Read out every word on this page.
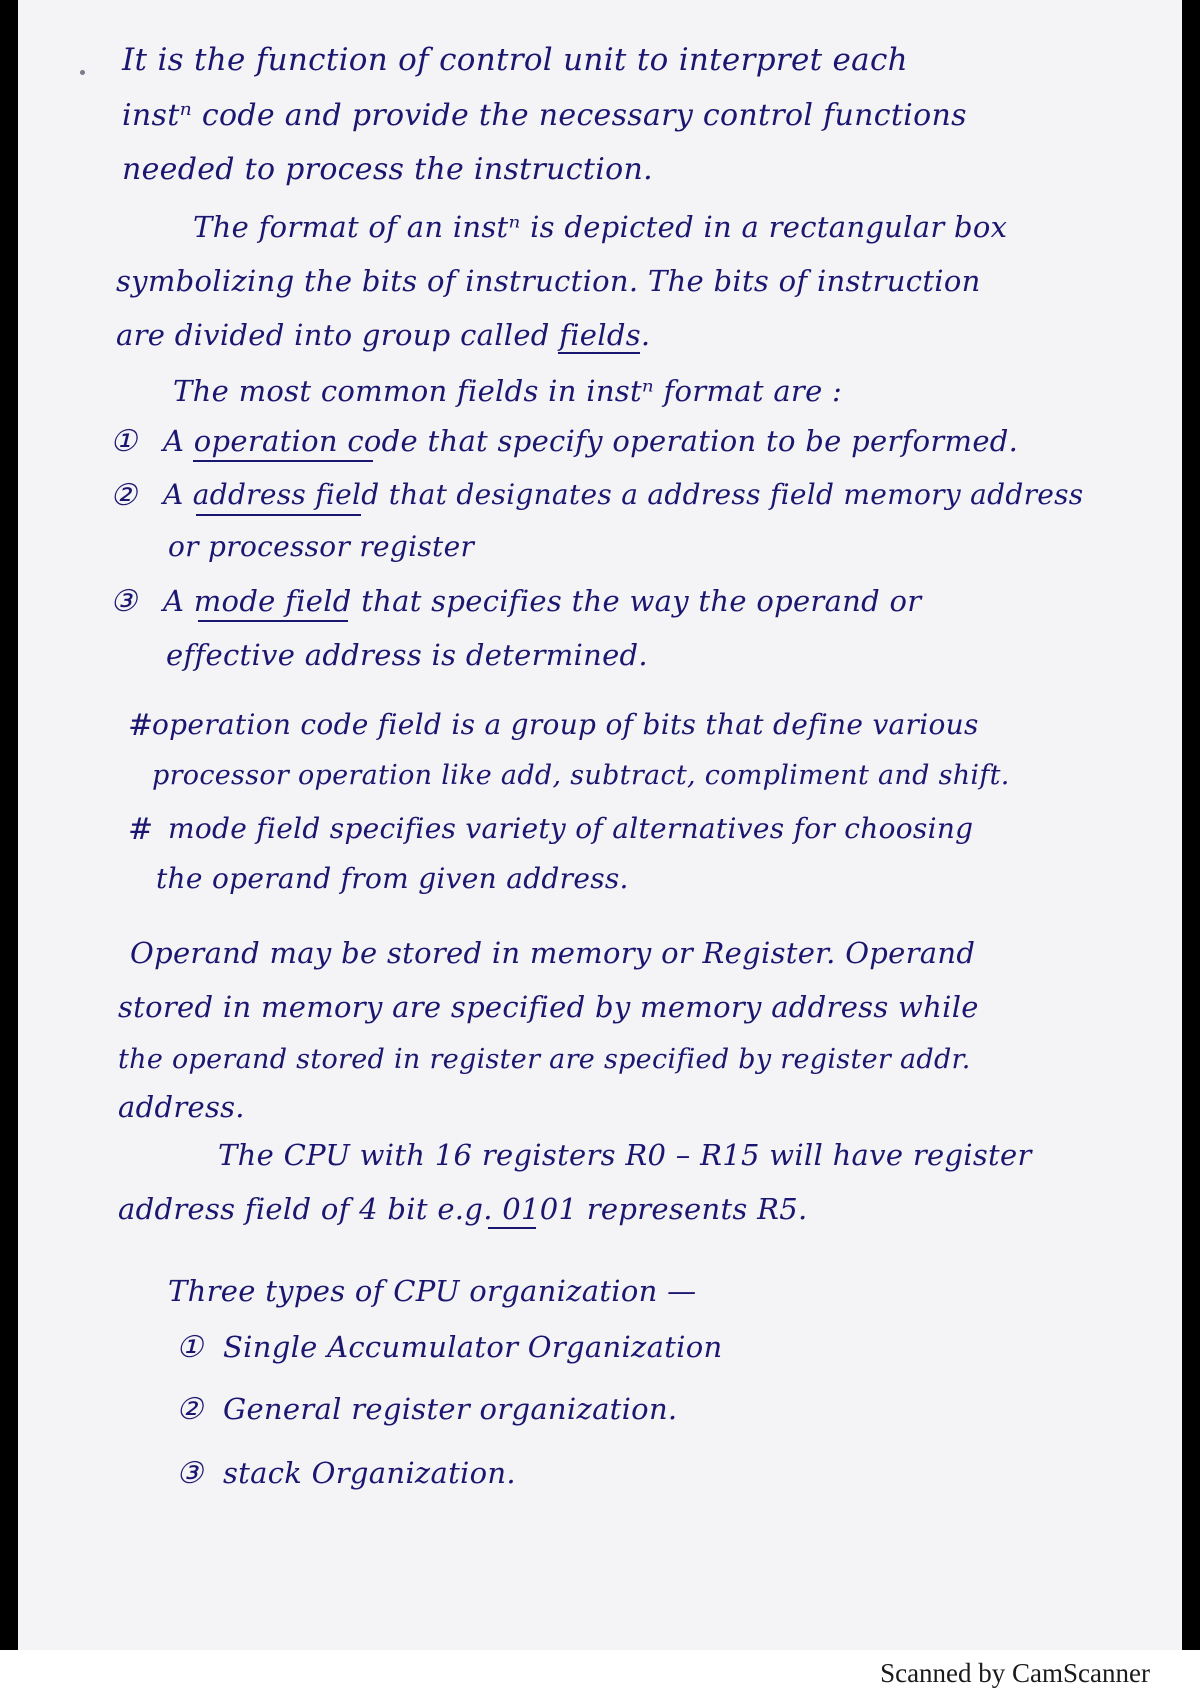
It is the function of control unit to interpret each
instⁿ code and provide the necessary control functions
needed to process the instruction.
The format of an instⁿ is depicted in a rectangular box
symbolizing the bits of instruction. The bits of instruction
are divided into group called fields.
The most common fields in instⁿ format are :
① A operation code that specify operation to be performed.
② A address field that designates a address field memory address
or processor register
③ A mode field that specifies the way the operand or
effective address is determined.
#
operation code field is a group of bits that define various
processor operation like add, subtract, compliment and shift.
# mode field specifies variety of alternatives for choosing
the operand from given address.
Operand may be stored in memory or Register. Operand
stored in memory are specified by memory address while
the operand stored in register are specified by register addr.
address.
The CPU with 16 registers R0 – R15 will have register
address field of 4 bit e.g. 0101 represents R5.
Three types of CPU organization —
① Single Accumulator Organization
② General register organization.
③ stack Organization.
Scanned by CamScanner
